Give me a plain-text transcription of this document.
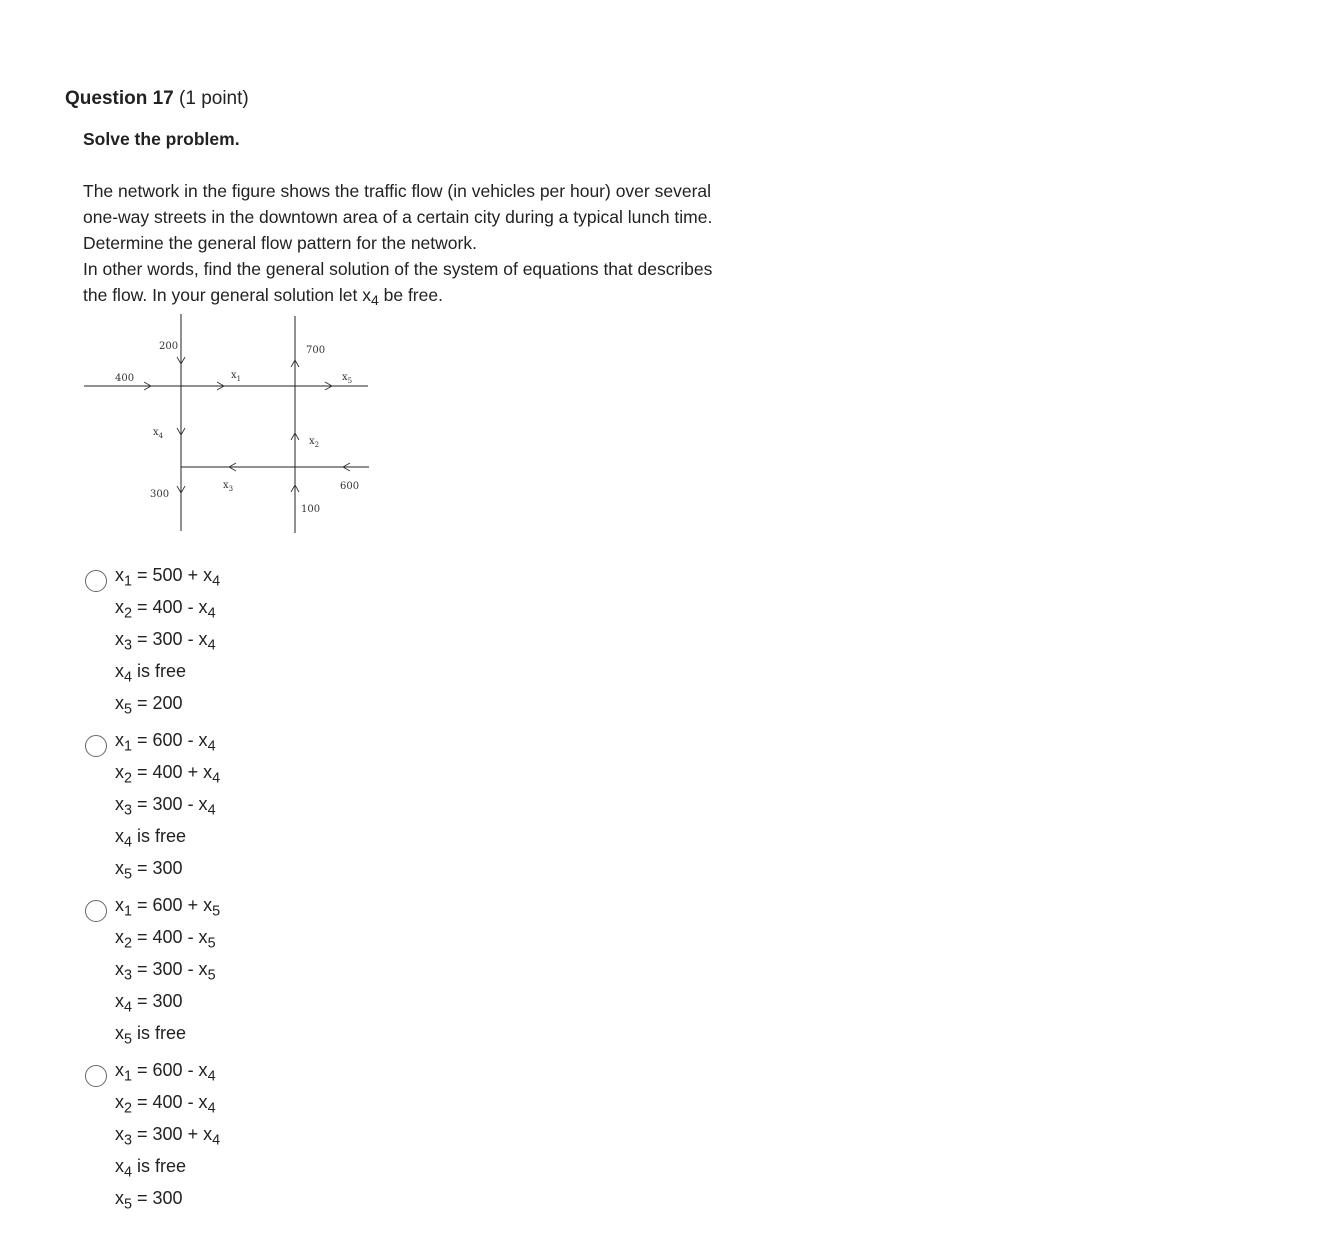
Question 17 (1 point)
Solve the problem.

The network in the figure shows the traffic flow (in vehicles per hour) over several

one-way streets in the downtown area of a certain city during a typical lunch time.

Determine the general flow pattern for the network.

In other words, find the general solution of the system of equations that describes

the flow. In your general solution let $x_4$ be free.

200	700
400	$x_1$	$x_5$
$x_4$	$x_2$
$x_3$
300
600
100
$x_1 = 500 + x_4$
$x_2 = 400 - x_4$
$x_3 = 300 - x_4$
$x_4$ is free
$x_5 = 200$
$x_1 = 600 - x_4$
$x_2 = 400 + x_4$
$x_3 = 300 - x_4$
$x_4$ is free
$x_5 = 300$
$x_1 = 600 + x_5$
$x_2 = 400 - x_5$
$x_3 = 300 - x_5$
$x_4 = 300$
$x_5$ is free
$x_1 = 600 - x_4$
$x_2 = 400 - x_4$
$x_3 = 300 + x_4$
$x_4$ is free
$x_5 = 300$
